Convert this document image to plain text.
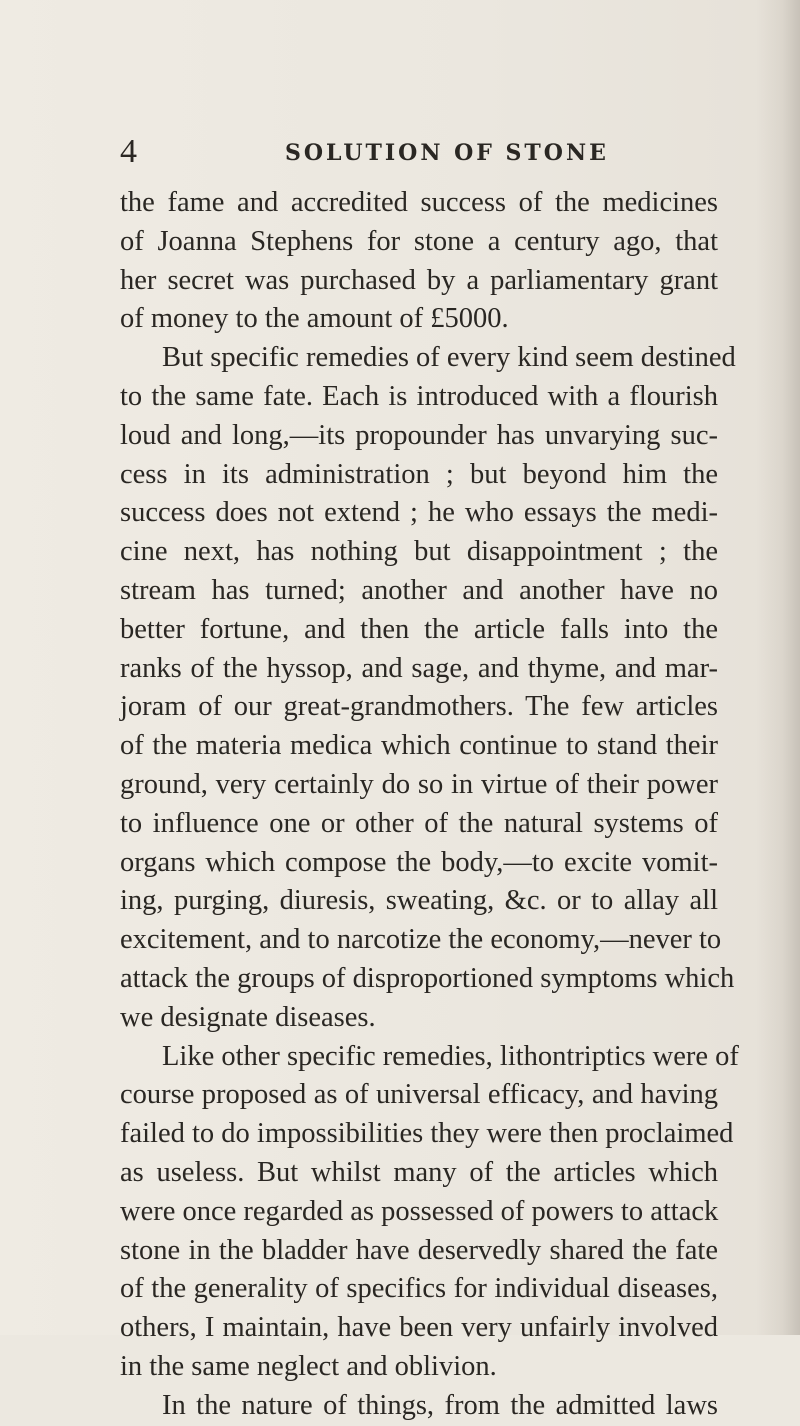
4	SOLUTION OF STONE
the fame and accredited success of the medicines
of Joanna Stephens for stone a century ago, that
her secret was purchased by a parliamentary grant
of money to the amount of £5000.
But specific remedies of every kind seem destined
to the same fate. Each is introduced with a flourish
loud and long,—its propounder has unvarying suc-
cess in its administration ; but beyond him the
success does not extend ; he who essays the medi-
cine next, has nothing but disappointment ; the
stream has turned; another and another have no
better fortune, and then the article falls into the
ranks of the hyssop, and sage, and thyme, and mar-
joram of our great-grandmothers. The few articles
of the materia medica which continue to stand their
ground, very certainly do so in virtue of their power
to influence one or other of the natural systems of
organs which compose the body,—to excite vomit-
ing, purging, diuresis, sweating, &c. or to allay all
excitement, and to narcotize the economy,—never to
attack the groups of disproportioned symptoms which
we designate diseases.
Like other specific remedies, lithontriptics were of
course proposed as of universal efficacy, and having
failed to do impossibilities they were then proclaimed
as useless. But whilst many of the articles which
were once regarded as possessed of powers to attack
stone in the bladder have deservedly shared the fate
of the generality of specifics for individual diseases,
others, I maintain, have been very unfairly involved
in the same neglect and oblivion.
In the nature of things, from the admitted laws
